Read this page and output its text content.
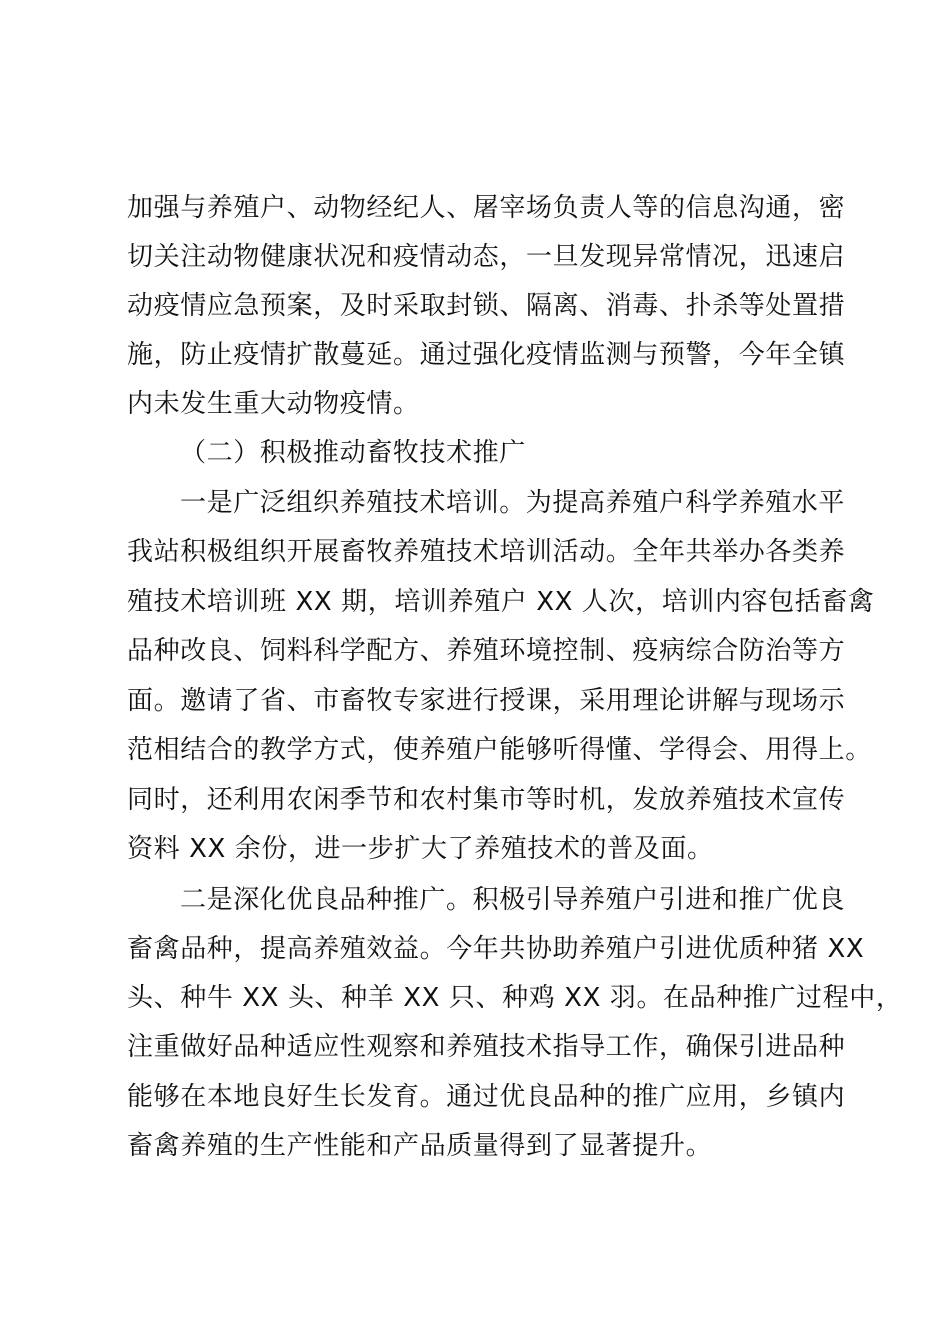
加强与养殖户、动物经纪人、屠宰场负责人等的信息沟通，密
切关注动物健康状况和疫情动态，一旦发现异常情况，迅速启
动疫情应急预案，及时采取封锁、隔离、消毒、扑杀等处置措
施，防止疫情扩散蔓延。通过强化疫情监测与预警，今年全镇
内未发生重大动物疫情。
（二）积极推动畜牧技术推广
一是广泛组织养殖技术培训。为提高养殖户科学养殖水平
我站积极组织开展畜牧养殖技术培训活动。全年共举办各类养
殖技术培训班 XX 期，培训养殖户 XX 人次，培训内容包括畜禽
品种改良、饲料科学配方、养殖环境控制、疫病综合防治等方
面。邀请了省、市畜牧专家进行授课，采用理论讲解与现场示
范相结合的教学方式，使养殖户能够听得懂、学得会、用得上。
同时，还利用农闲季节和农村集市等时机，发放养殖技术宣传
资料 XX 余份，进一步扩大了养殖技术的普及面。
二是深化优良品种推广。积极引导养殖户引进和推广优良
畜禽品种，提高养殖效益。今年共协助养殖户引进优质种猪 XX
头、种牛 XX 头、种羊 XX 只、种鸡 XX 羽。在品种推广过程中，
注重做好品种适应性观察和养殖技术指导工作，确保引进品种
能够在本地良好生长发育。通过优良品种的推广应用，乡镇内
畜禽养殖的生产性能和产品质量得到了显著提升。
